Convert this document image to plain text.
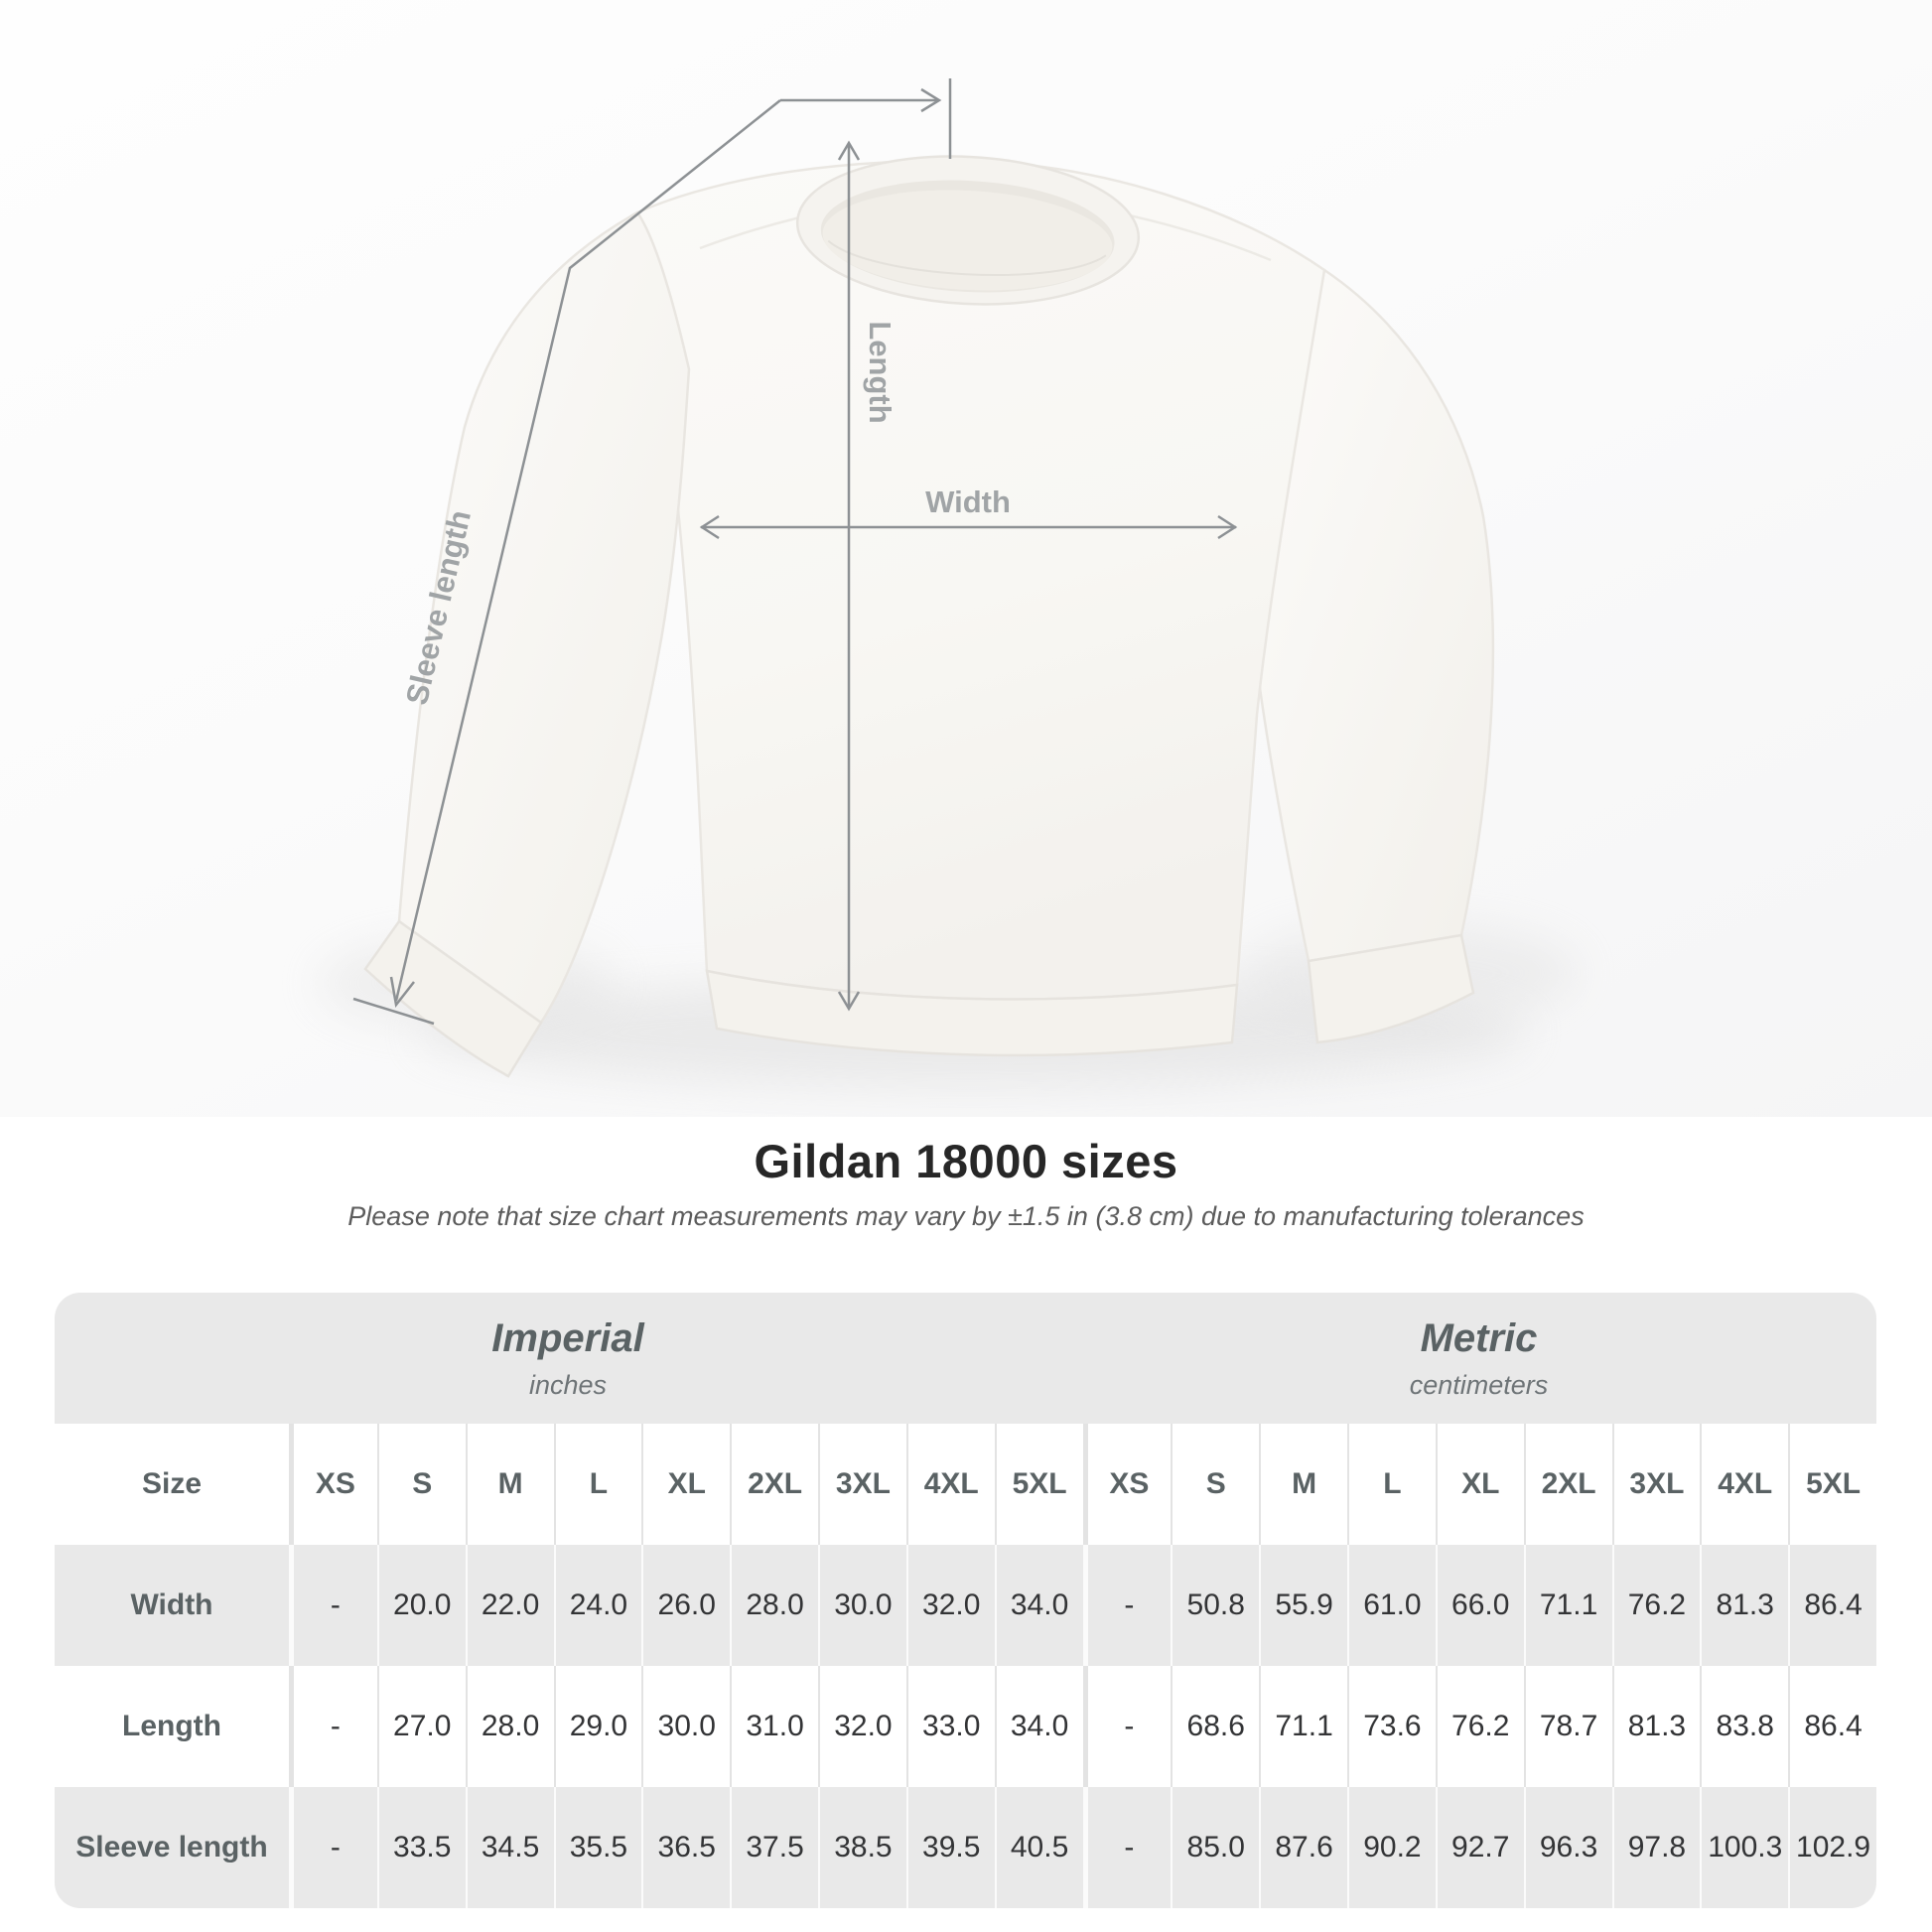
Width
Length
Sleeve length
Gildan 18000 sizes

Please note that size chart measurements may vary by ±1.5 in (3.8 cm) due to manufacturing tolerances

Imperial
inches
Metric
centimeters
Size	XS	S	M	L	XL	2XL	3XL	4XL	5XL	XS	S	M	L	XL	2XL	3XL	4XL	5XL
Width	-	20.0	22.0	24.0	26.0	28.0	30.0	32.0	34.0	-	50.8	55.9	61.0	66.0	71.1	76.2	81.3	86.4
Length	-	27.0	28.0	29.0	30.0	31.0	32.0	33.0	34.0	-	68.6	71.1	73.6	76.2	78.7	81.3	83.8	86.4
Sleeve length	-	33.5	34.5	35.5	36.5	37.5	38.5	39.5	40.5	-	85.0	87.6	90.2	92.7	96.3	97.8 100.3 102.9
